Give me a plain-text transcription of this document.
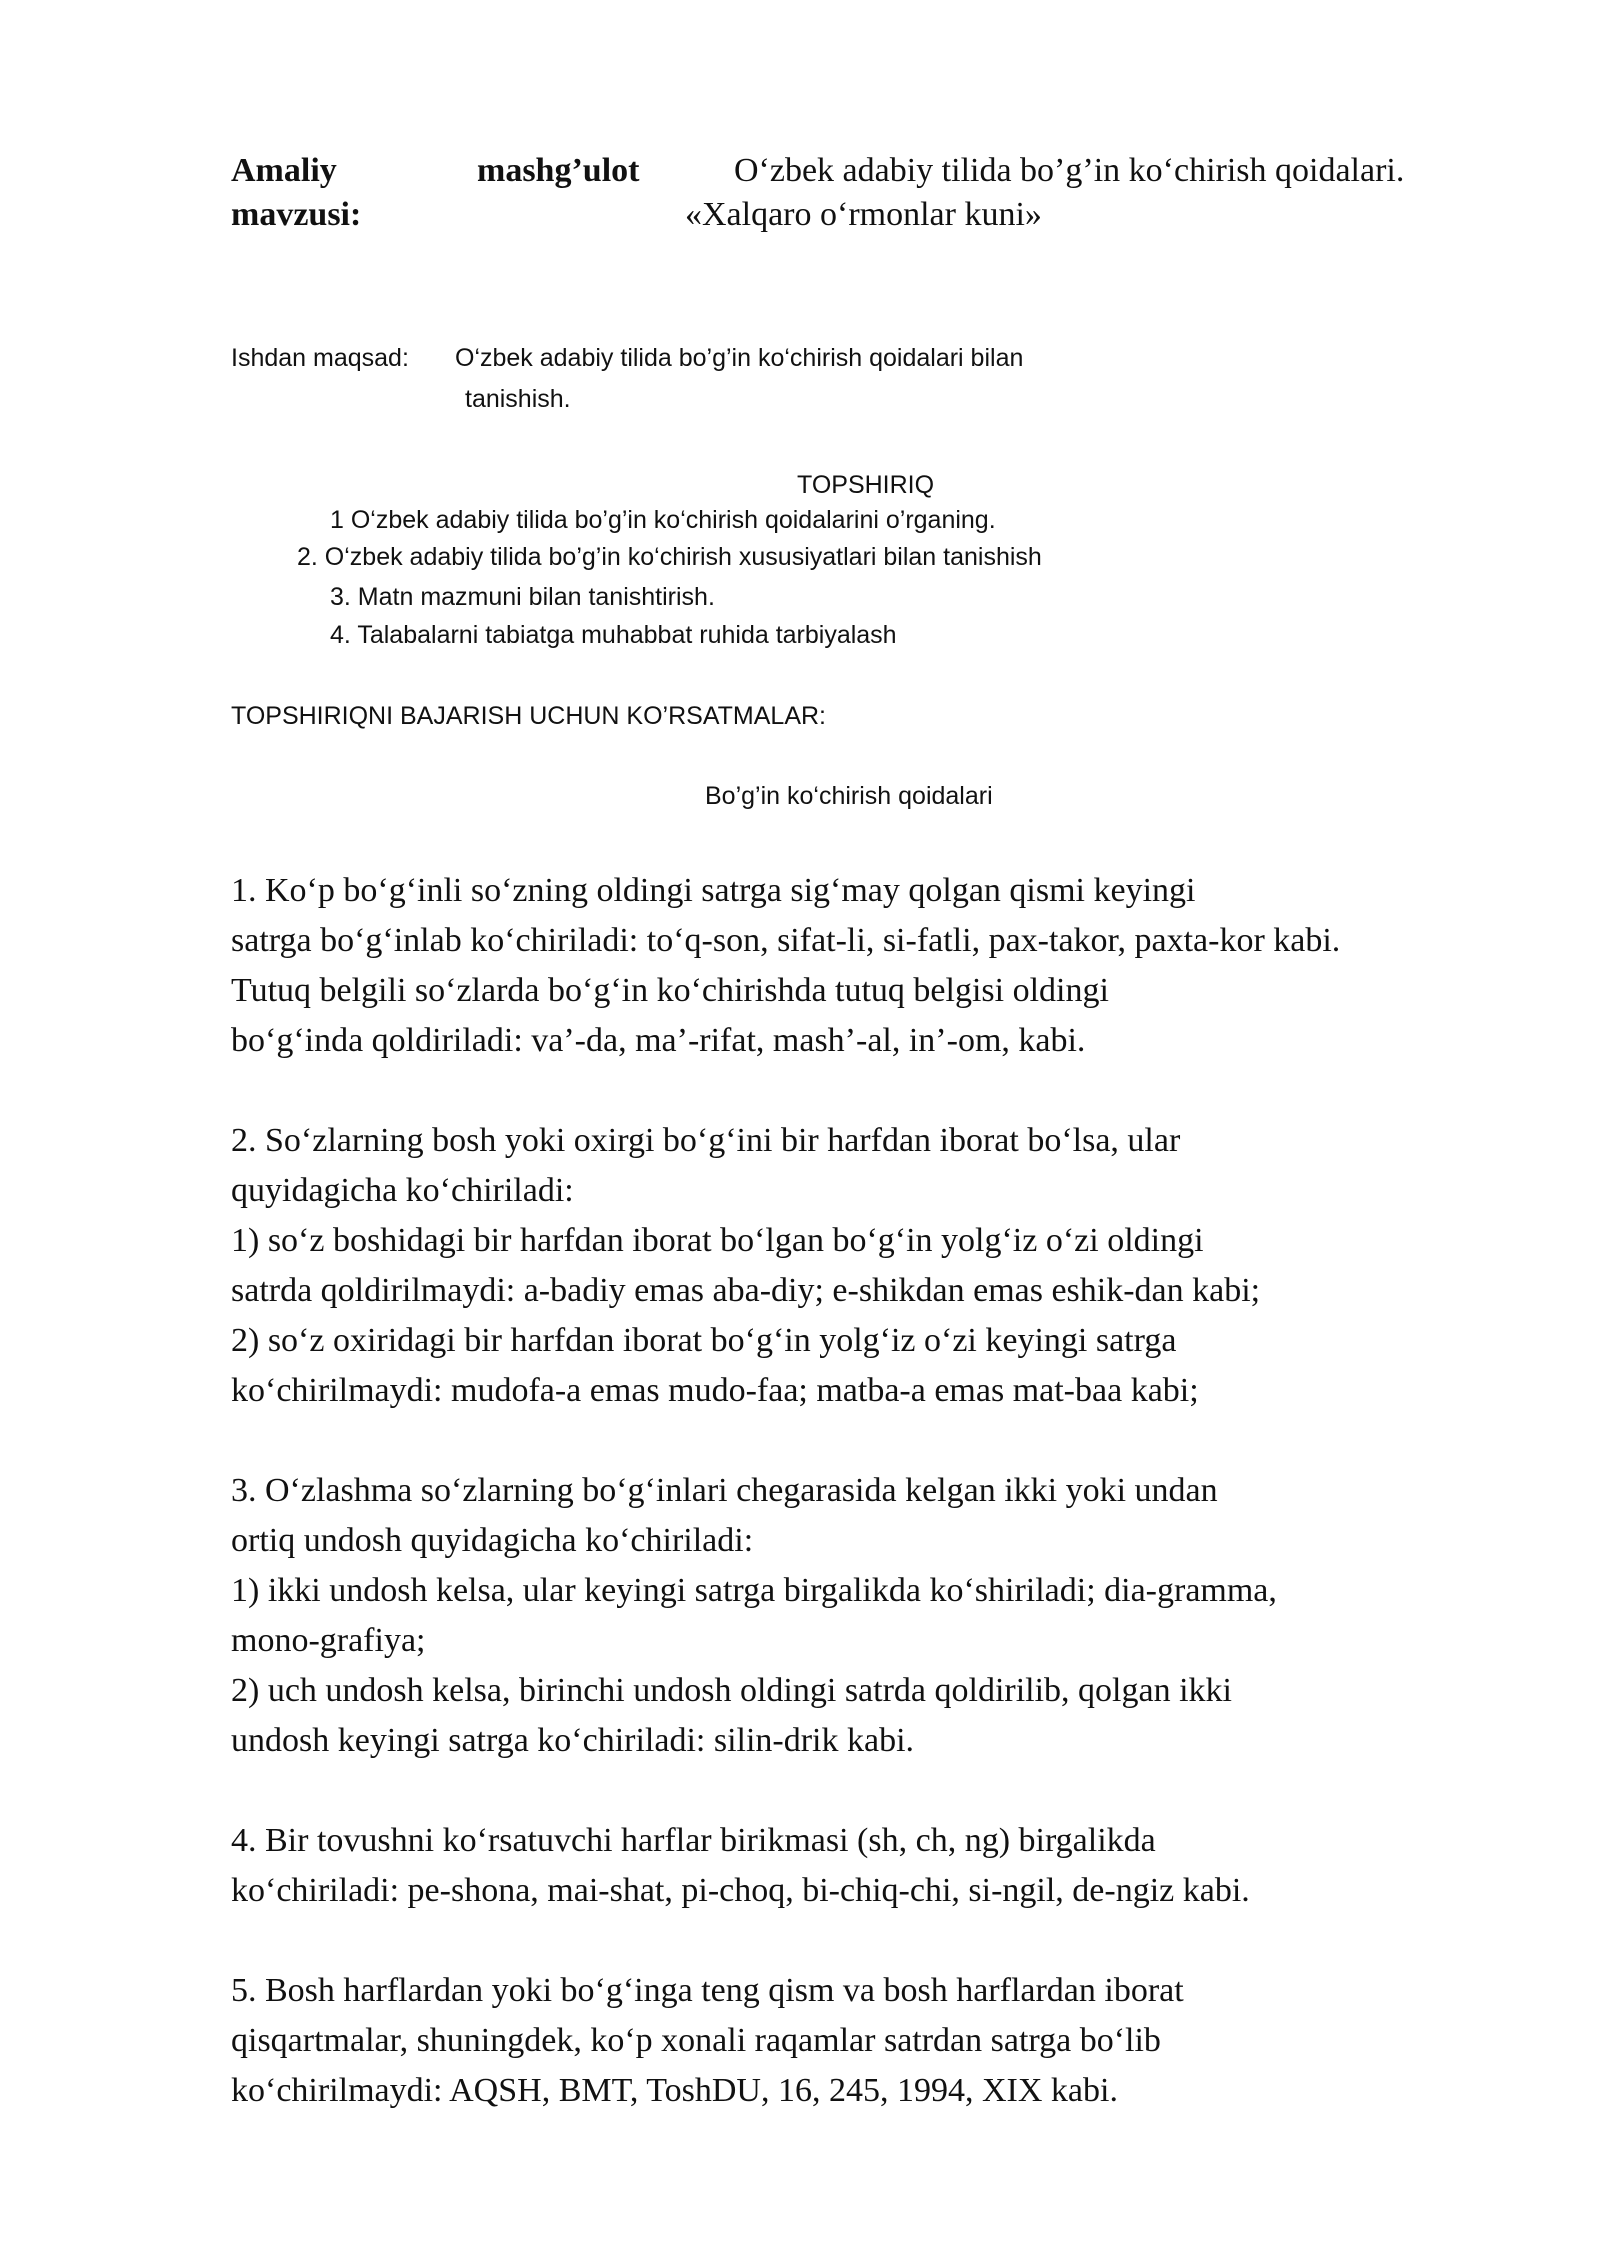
Amaliy	mashg’ulot
mavzusi:
O‘zbek adabiy tilida bo’g’in ko‘chirish qoidalari.
«Xalqaro o‘rmonlar kuni»
Ishdan maqsad: O‘zbek adabiy tilida bo’g’in ko‘chirish qoidalari bilan
tanishish.
TOPSHIRIQ
1 O‘zbek adabiy tilida bo’g’in ko‘chirish qoidalarini o’rganing.
2. O‘zbek adabiy tilida bo’g’in ko‘chirish xususiyatlari bilan tanishish
3. Matn mazmuni bilan tanishtirish.
4. Talabalarni tabiatga muhabbat ruhida tarbiyalash
TOPSHIRIQNI BAJARISH UCHUN KO’RSATMALAR:
Bo’g’in ko‘chirish qoidalari
1. Ko‘p bo‘g‘inli so‘zning oldingi satrga sig‘may qolgan qismi keyingi
satrga bo‘g‘inlab ko‘chiriladi: to‘q-son, sifat-li, si-fatli, pax-takor, paxta-kor kabi.
Tutuq belgili so‘zlarda bo‘g‘in ko‘chirishda tutuq belgisi oldingi
bo‘g‘inda qoldiriladi: va’-da, ma’-rifat, mash’-al, in’-om, kabi.
2. So‘zlarning bosh yoki oxirgi bo‘g‘ini bir harfdan iborat bo‘lsa, ular
quyidagicha ko‘chiriladi:
1) so‘z boshidagi bir harfdan iborat bo‘lgan bo‘g‘in yolg‘iz o‘zi oldingi
satrda qoldirilmaydi: a-badiy emas aba-diy; e-shikdan emas eshik-dan kabi;
2) so‘z oxiridagi bir harfdan iborat bo‘g‘in yolg‘iz o‘zi keyingi satrga
ko‘chirilmaydi: mudofa-a emas mudo-faa; matba-a emas mat-baa kabi;
3. O‘zlashma so‘zlarning bo‘g‘inlari chegarasida kelgan ikki yoki undan
ortiq undosh quyidagicha ko‘chiriladi:
1) ikki undosh kelsa, ular keyingi satrga birgalikda ko‘shiriladi; dia-gramma,
mono-grafiya;
2) uch undosh kelsa, birinchi undosh oldingi satrda qoldirilib, qolgan ikki
undosh keyingi satrga ko‘chiriladi: silin-drik kabi.
4. Bir tovushni ko‘rsatuvchi harflar birikmasi (sh, ch, ng) birgalikda
ko‘chiriladi: pe-shona, mai-shat, pi-choq, bi-chiq-chi, si-ngil, de-ngiz kabi.
5. Bosh harflardan yoki bo‘g‘inga teng qism va bosh harflardan iborat
qisqartmalar, shuningdek, ko‘p xonali raqamlar satrdan satrga bo‘lib
ko‘chirilmaydi: AQSH, BMT, ToshDU, 16, 245, 1994, XIX kabi.
